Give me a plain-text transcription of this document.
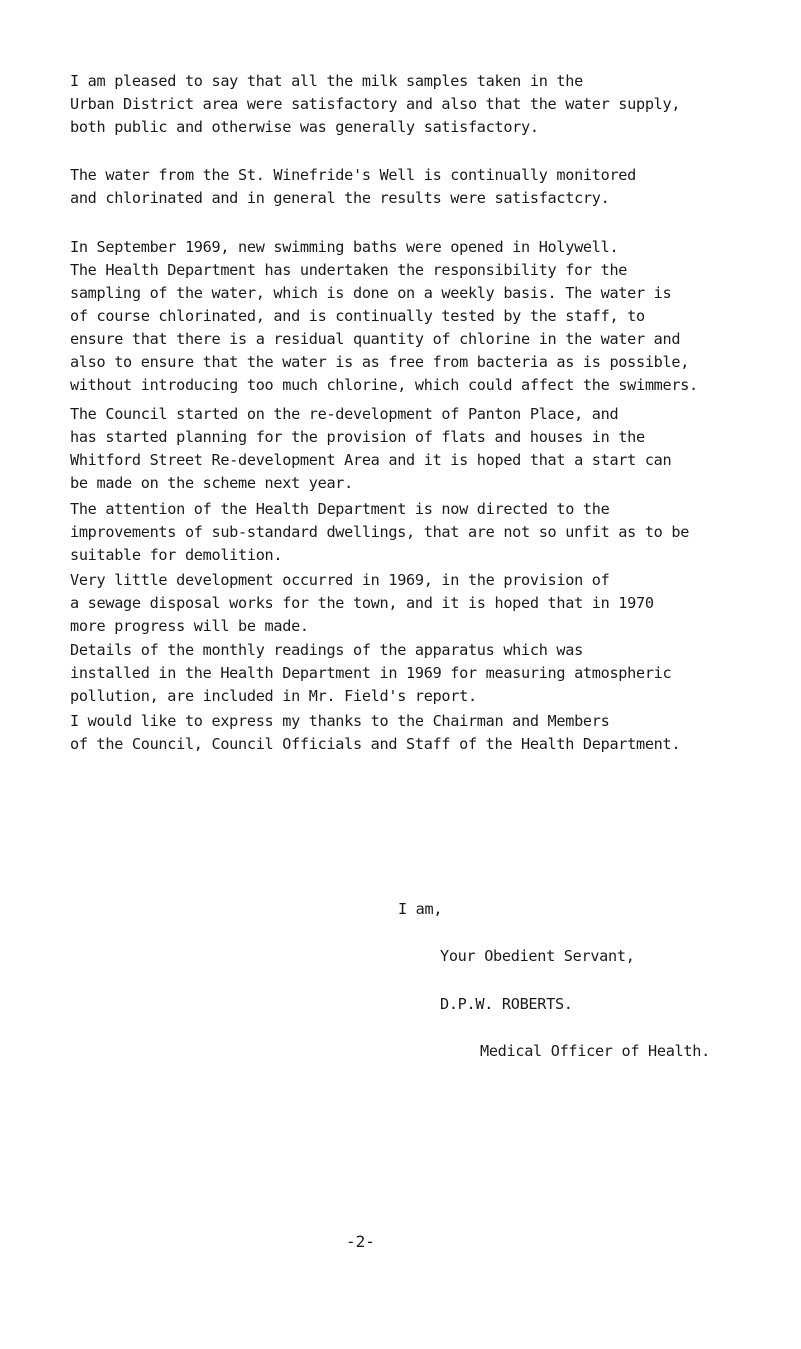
I am pleased to say that all the milk samples taken in the
Urban District area were satisfactory and also that the water supply,
both public and otherwise was generally satisfactory.

The water from the St. Winefride's Well is continually monitored
and chlorinated and in general the results were satisfactcry.

In September 1969, new swimming baths were opened in Holywell.
The Health Department has undertaken the responsibility for the
sampling of the water, which is done on a weekly basis. The water is
of course chlorinated, and is continually tested by the staff, to
ensure that there is a residual quantity of chlorine in the water and
also to ensure that the water is as free from bacteria as is possible,
without introducing too much chlorine, which could affect the swimmers.

The Council started on the re-development of Panton Place, and
has started planning for the provision of flats and houses in the
Whitford Street Re-development Area and it is hoped that a start can
be made on the scheme next year.

The attention of the Health Department is now directed to the
improvements of sub-standard dwellings, that are not so unfit as to be
suitable for demolition.

Very little development occurred in 1969, in the provision of
a sewage disposal works for the town, and it is hoped that in 1970
more progress will be made.

Details of the monthly readings of the apparatus which was
installed in the Health Department in 1969 for measuring atmospheric
pollution, are included in Mr. Field's report.

I would like to express my thanks to the Chairman and Members
of the Council, Council Officials and Staff of the Health Department.

I am,

Your Obedient Servant,

D.P.W. ROBERTS.

Medical Officer of Health.

-2-
